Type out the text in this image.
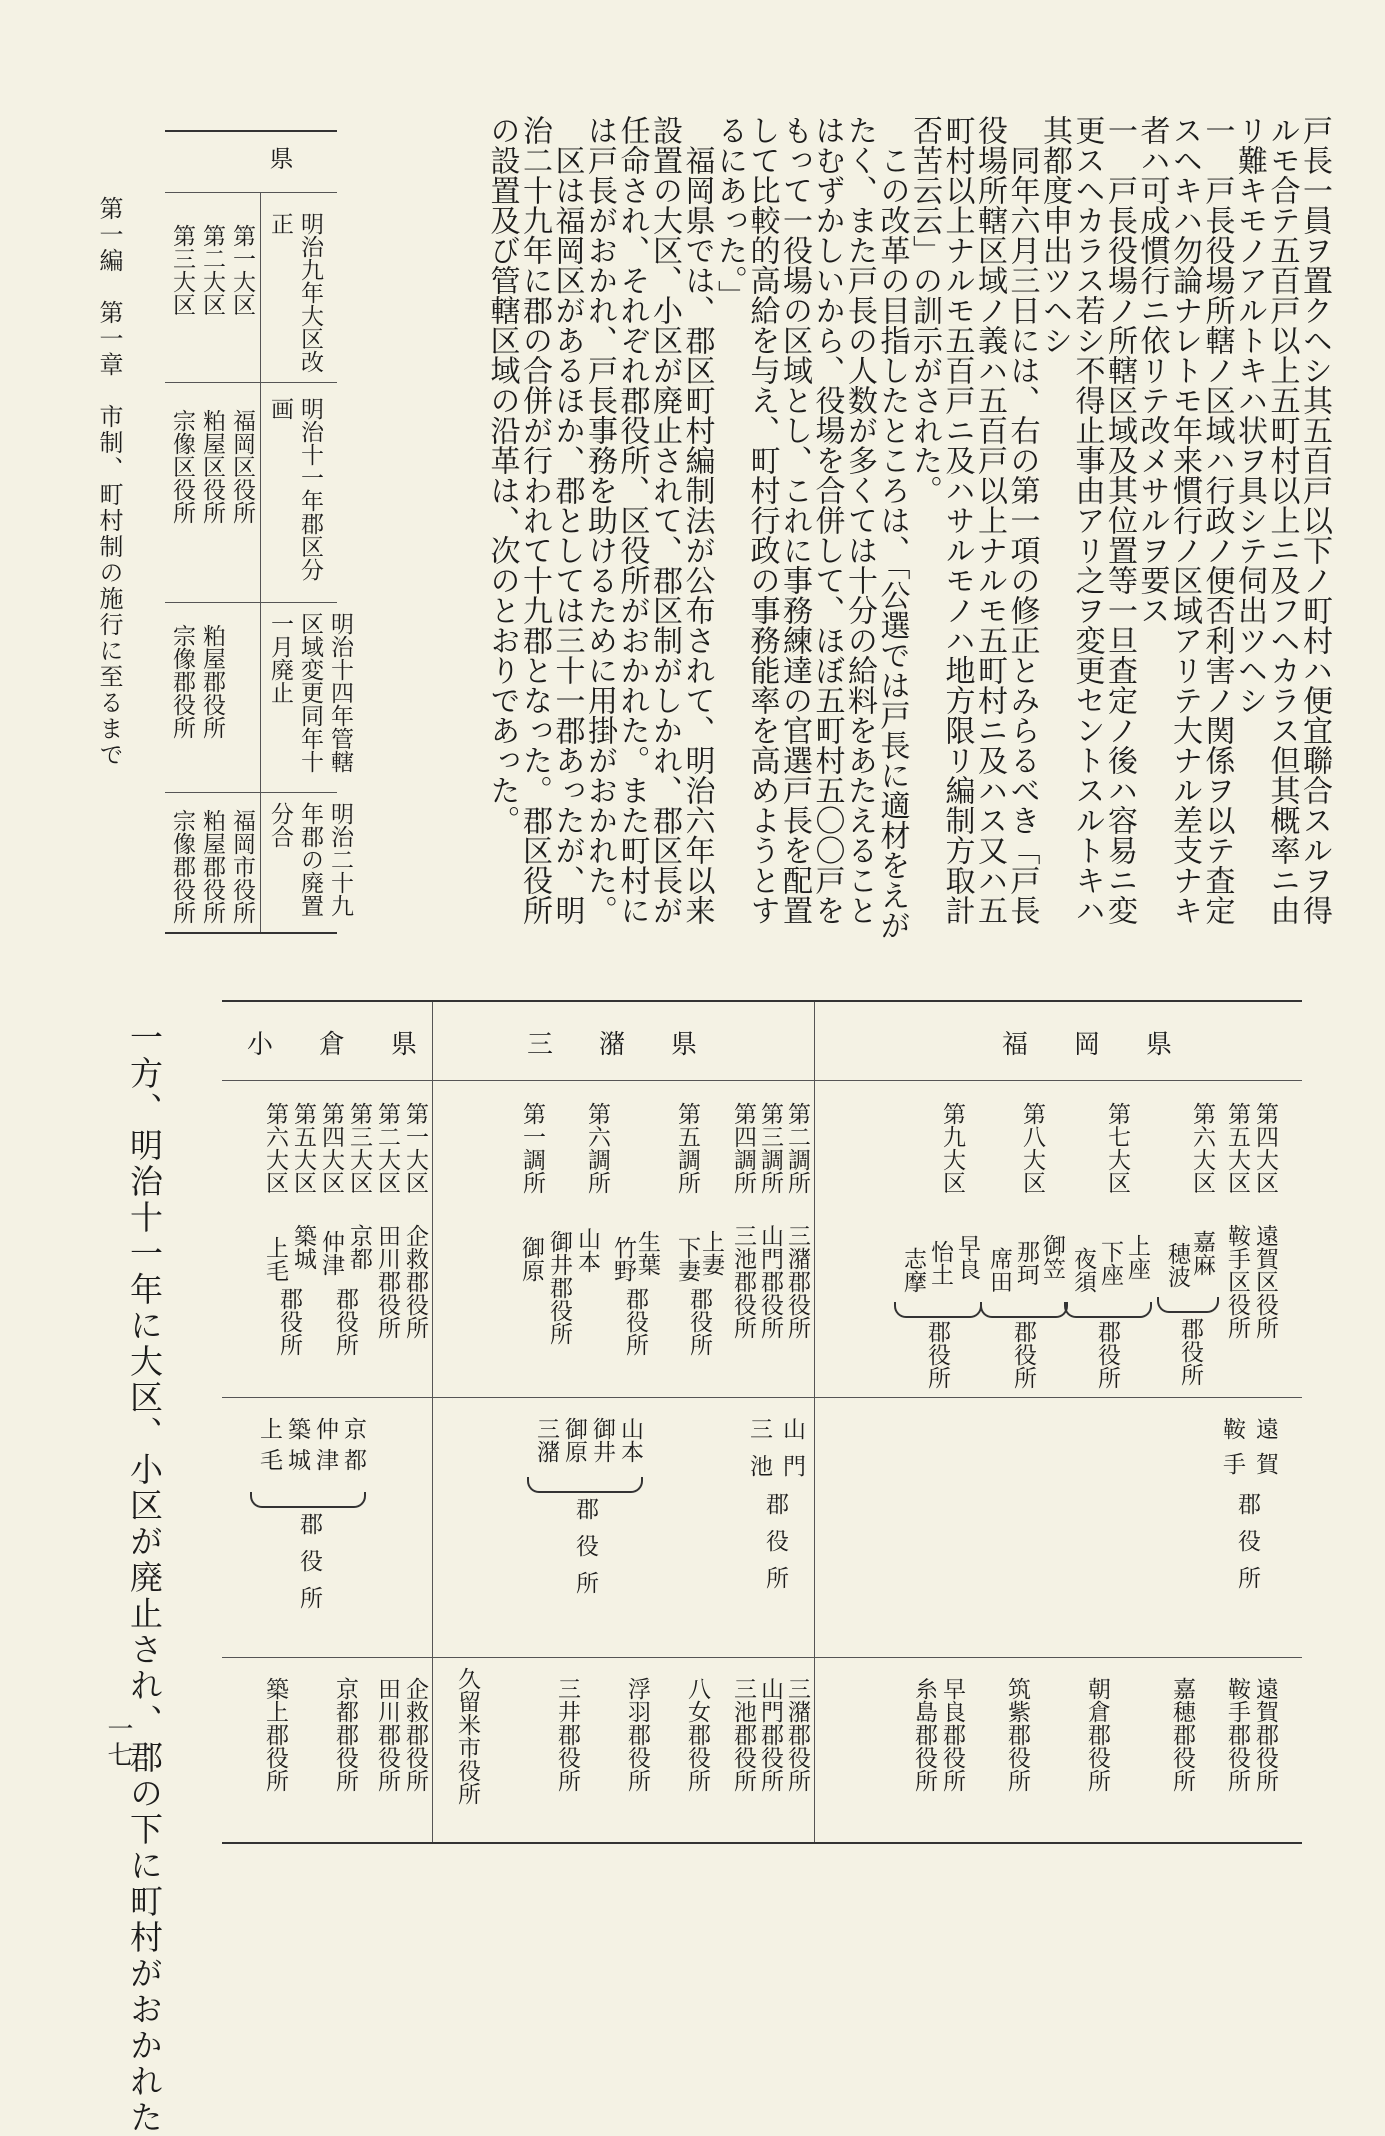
戸長一員ヲ置クヘシ其五百戸以下ノ町村ハ便宜聯合スルヲ得ルモ合テ五百戸以上五町村以上ニ及フヘカラス但其概率ニ由リ難キモノアルトキハ状ヲ具シテ伺出ツヘシ

一　戸長役場所轄ノ区域ハ行政ノ便否利害ノ関係ヲ以テ査定スヘキハ勿論ナレトモ年来慣行ノ区域アリテ大ナル差支ナキ者ハ可成慣行ニ依リテ改メサルヲ要ス

一　戸長役場ノ所轄区域及其位置等一旦査定ノ後ハ容易ニ変更スヘカラス若シ不得止事由アリ之ヲ変更セントスルトキハ其都度申出ツヘシ

同年六月三日には、右の第一項の修正とみらるべき「戸長役場所轄区域ノ義ハ五百戸以上ナルモ五町村ニ及ハス又ハ五町村以上ナルモ五百戸ニ及ハサルモノハ地方限リ編制方取計否苦云云」の訓示がされた。

この改革の目指したところは、「公選では戸長に適材をえがたく、また戸長の人数が多くては十分の給料をあたえることはむずかしいから、役場を合併して、ほぼ五町村五〇〇戸をもって一役場の区域とし、これに事務練達の官選戸長を配置して比較的高給を与え、町村行政の事務能率を高めようとするにあった。」

福岡県では、郡区町村編制法が公布されて、明治六年以来設置の大区、小区が廃止されて、郡区制がしかれ、郡区長が任命され、それぞれ郡役所、区役所がおかれた。また町村には戸長がおかれ、戸長事務を助けるために用掛がおかれた。

区は福岡区があるほか、郡としては三十一郡あったが、明治二十九年に郡の合併が行われて十九郡となった。郡区役所の設置及び管轄区域の沿革は、次のとおりであった。

県
明治九年大区改正
明治十一年郡区分画
明治十四年管轄区域変更同年十一月廃止
明治二十九年郡の廃置分合
第一大区
第二大区
第三大区
福岡区役所
粕屋区役所
宗像区役所
粕屋郡役所
宗像郡役所
福岡市役所
粕屋郡役所
宗像郡役所
第一編　第一章　市制、町村制の施行に至るまで
一方、明治十一年に大区、小区が廃止され、郡の下に町村がおかれた
一七
福岡県
三潴県
小倉県
第四大区
第五大区
第六大区
第七大区
第八大区
第九大区
遠賀区役所
鞍手区役所
嘉麻
穂波
郡役所
上座
下座
夜須
郡役所
御笠
那珂
席田
郡役所
早良
怡土
志摩
郡役所
遠賀
鞍手
郡役所
遠賀郡役所
鞍手郡役所
嘉穂郡役所
朝倉郡役所
筑紫郡役所
早良郡役所
糸島郡役所
第二調所
第三調所
第四調所
第五調所
第六調所
第一調所
三潴郡役所
山門郡役所
三池郡役所
上妻
下妻
郡役所
生葉
竹野
郡役所
山本
御井郡役所
御原
山門
三池
郡役所
山本
御井
御原
三潴
郡役所
三潴郡役所
山門郡役所
三池郡役所
八女郡役所
浮羽郡役所
三井郡役所
久留米市役所
第一大区
第二大区
第三大区
第四大区
第五大区
第六大区
企救郡役所
田川郡役所
京都
仲津
郡役所
築城
上毛
郡役所
京都
仲津
築城
上毛
郡役所
企救郡役所
田川郡役所
京都郡役所
築上郡役所
